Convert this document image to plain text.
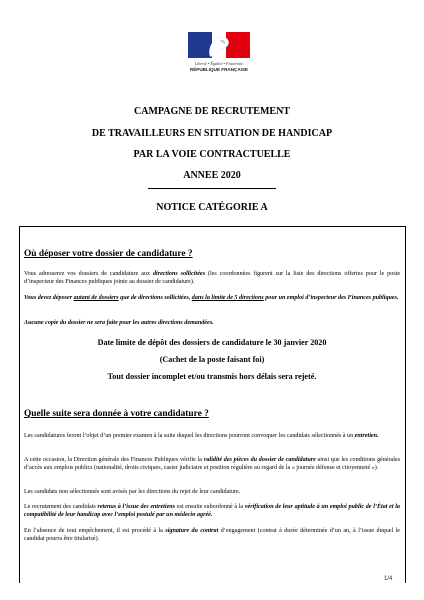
Liberté • Égalité • Fraternité
RÉPUBLIQUE FRANÇAISE
CAMPAGNE DE RECRUTEMENT
DE TRAVAILLEURS EN SITUATION DE HANDICAP
PAR LA VOIE CONTRACTUELLE
ANNEE 2020
NOTICE CATÉGORIE A
Où déposer votre dossier de candidature ?
Vous adresserez vos dossiers de candidature aux directions sollicitées (les coordonnées figurent sur la liste des directions offertes pour le poste d’inspecteur des Finances publiques jointe au dossier de candidature).
Vous devez déposer autant de dossiers que de directions sollicitées, dans la limite de 5 directions pour un emploi d’inspecteur des Finances publiques.
Aucune copie du dossier ne sera faite pour les autres directions demandées.
Date limite de dépôt des dossiers de candidature le 30 janvier 2020
(Cachet de la poste faisant foi)
Tout dossier incomplet et/ou transmis hors délais sera rejeté.
Quelle suite sera donnée à votre candidature ?
Les candidatures feront l’objet d’un premier examen à la suite duquel les directions pourront convoquer les candidats sélectionnés à un entretien.
A cette occasion, la Direction générale des Finances Publiques vérifie la validité des pièces du dossier de candidature ainsi que les conditions générales d’accès aux emplois publics (nationalité, droits civiques, casier judiciaire et position régulière au regard de la « journée défense et citoyenneté »).
Les candidats non sélectionnés sont avisés par les directions du rejet de leur candidature.
Le recrutement des candidats retenus à l’issue des entretiens est ensuite subordonné à la vérification de leur aptitude à un emploi public de l’État et la compatibilité de leur handicap avec l’emploi postulé par un médecin agréé.
En l’absence de tout empêchement, il est procédé à la signature du contrat d’engagement (contrat à durée déterminée d’un an, à l’issue duquel le candidat pourra être titularisé).
1/4
